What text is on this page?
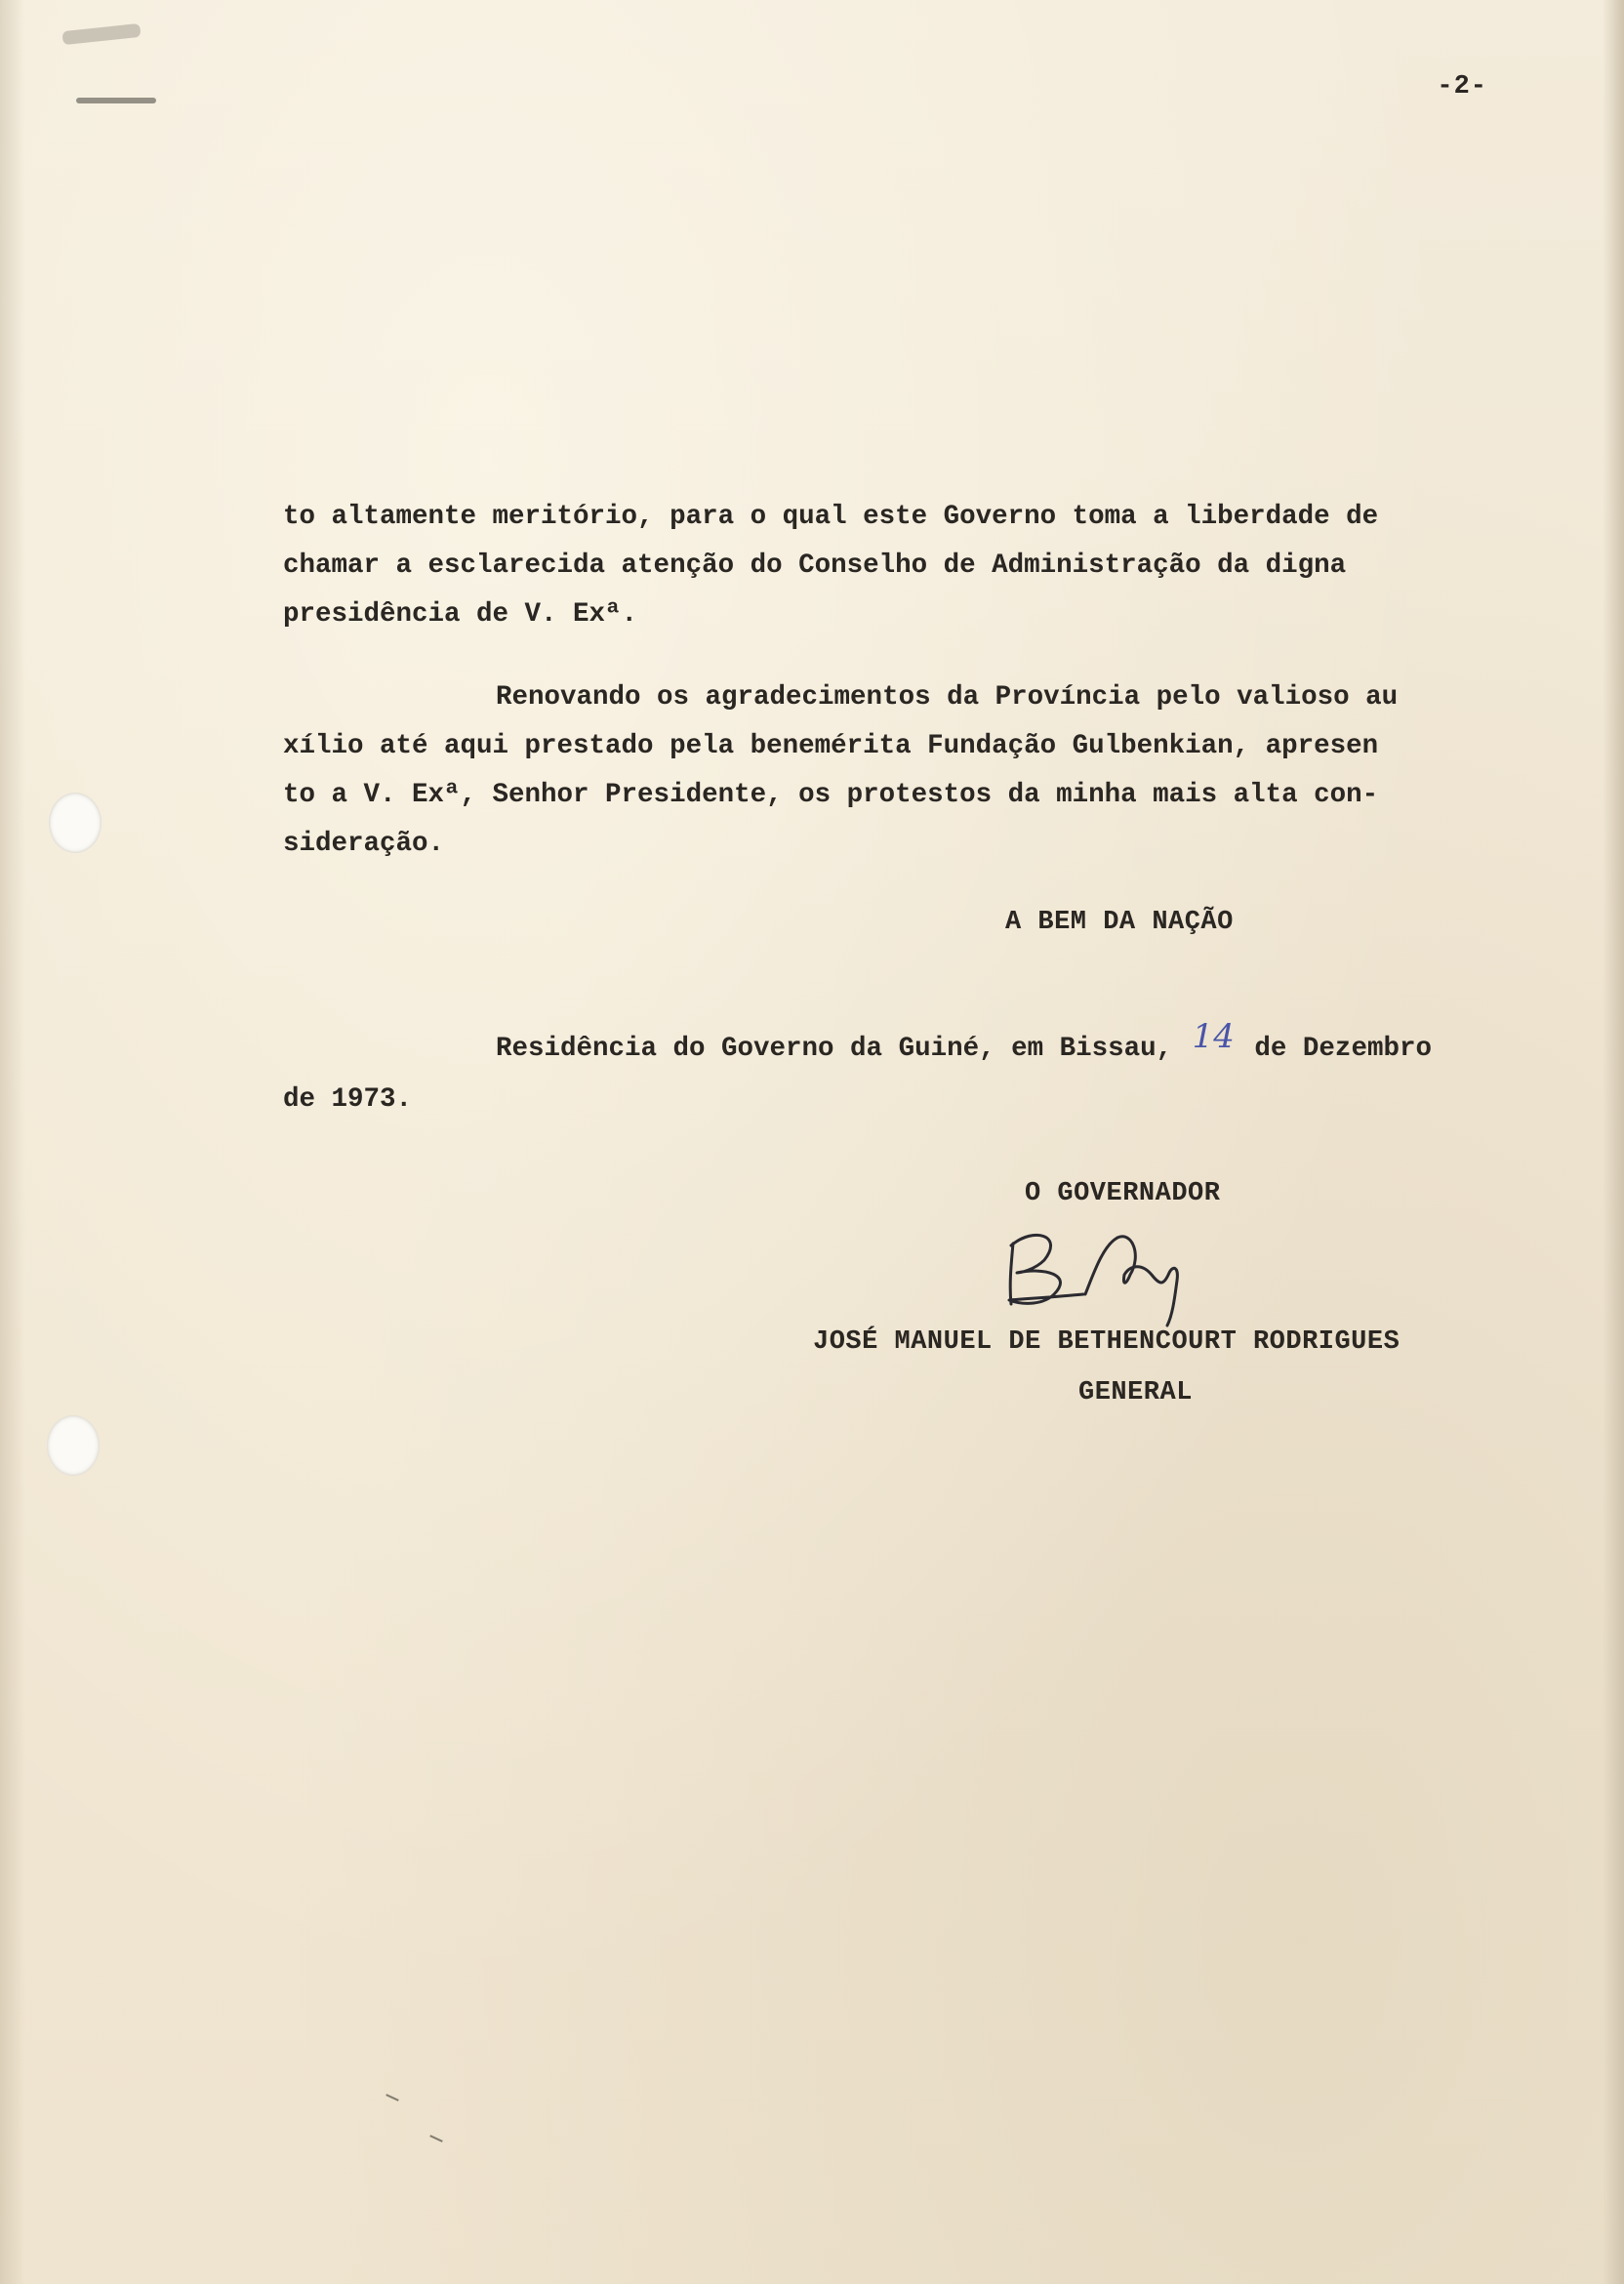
-2-

to altamente meritório, para o qual este Governo toma a liberdade de

chamar a esclarecida atenção do Conselho de Administração da digna

presidência de V. Exª.

Renovando os agradecimentos da Província pelo valioso au

xílio até aqui prestado pela benemérita Fundação Gulbenkian, apresen

to a V. Exª, Senhor Presidente, os protestos da minha mais alta con-

sideração.

A BEM DA NAÇÃO
Residência do Governo da Guiné, em Bissau, 14 de Dezembro
de 1973.
O GOVERNADOR
JOSÉ MANUEL DE BETHENCOURT RODRIGUES
GENERAL
